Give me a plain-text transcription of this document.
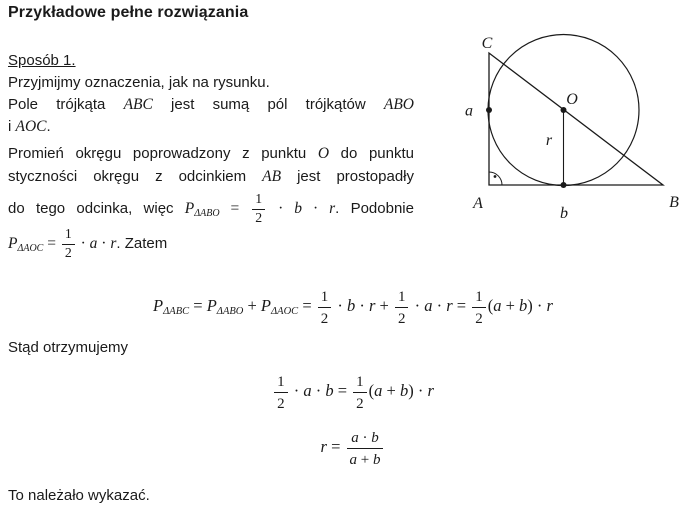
Przykładowe pełne rozwiązania
Sposób 1.
Przyjmijmy oznaczenia, jak na rysunku.
Pole trójkąta ABC jest sumą pól trójkątów ABO
i AOC.
Promień okręgu poprowadzony z punktu O do punktu
styczności okręgu z odcinkiem AB jest prostopadły
do tego odcinka, więc $P_{\Delta ABO} = \frac{1}{2} \cdot b \cdot r$. Podobnie
$P_{\Delta AOC} = \frac{1}{2} \cdot a \cdot r$. Zatem
$P_{\Delta ABC} = P_{\Delta ABO} + P_{\Delta AOC} = \frac{1}{2} \cdot b \cdot r + \frac{1}{2} \cdot a \cdot r = \frac{1}{2} (a + b) \cdot r$
Stąd otrzymujemy
$\frac{1}{2} \cdot a \cdot b = \frac{1}{2} (a + b) \cdot r$
$r = \frac{a \cdot b}{a + b}$
To należało wykazać.
C
A	B
O
a
b
r
